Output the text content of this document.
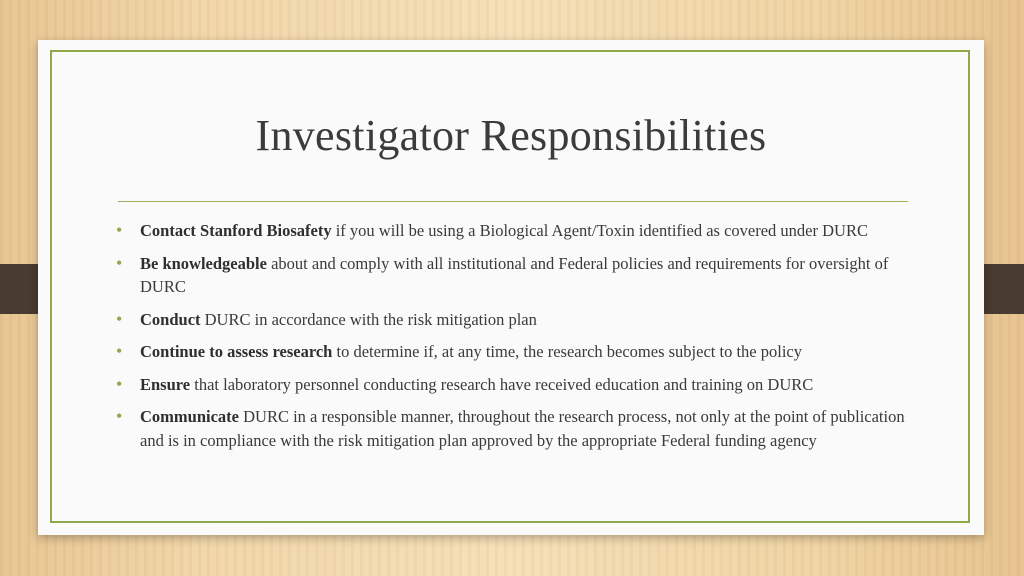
Investigator Responsibilities
• Contact Stanford Biosafety if you will be using a Biological Agent/Toxin identified as covered under DURC
• Be knowledgeable about and comply with all institutional and Federal policies and requirements for oversight of DURC
• Conduct DURC in accordance with the risk mitigation plan
• Continue to assess research to determine if, at any time, the research becomes subject to the policy
• Ensure that laboratory personnel conducting research have received education and training on DURC
• Communicate DURC in a responsible manner, throughout the research process, not only at the point of publication and is in compliance with the risk mitigation plan approved by the appropriate Federal funding agency
